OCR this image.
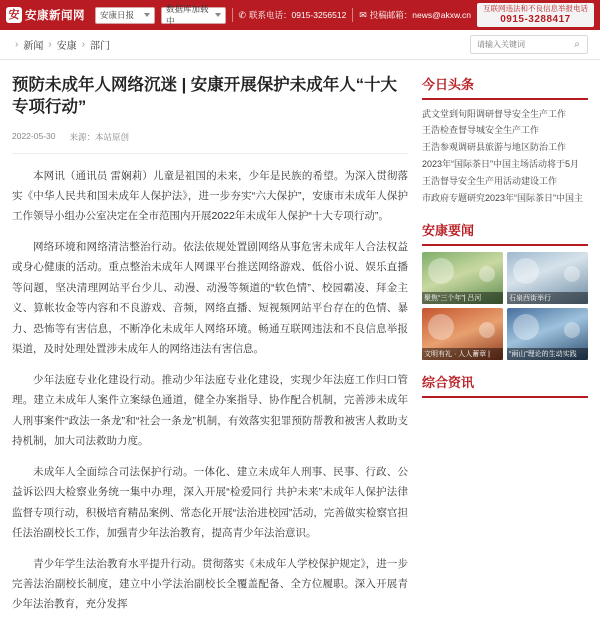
安 安康新闻网 安康日报
数据库加载中
✆ 联系电话：0915-3256512 ✉ 投稿邮箱：news@akxw.cn
互联网违法和不良信息举报电话
0915-3288417
› 新闻 › 安康 › 部门
请输入关键词	⌕
预防未成年人网络沉迷 | 安康开展保护未成年人“十大专项行动”
2022-05-30 来源：本站原创

本网讯（通讯员 雷娴莉）儿童是祖国的未来，少年是民族的希望。为深入贯彻落实《中华人民共和国未成年人保护法》，进一步夯实“六大保护”，安康市未成年人保护工作领导小组办公室决定在全市范围内开展2022年未成年人保护“十大专项行动”。

网络环境和网络清洁整治行动。依法依规处置剧网络从事危害未成年人合法权益或身心健康的活动。重点整治未成年人网课平台推送网络游戏、低俗小说、娱乐直播等问题，坚决清理网站平台少儿、动漫、动漫等频道的“软色情”、校园霸凌、拜金主义、算帐妆金等内容和不良游戏、音频，网络直播、短视频网站平台存在的色情、暴力、恐怖等有害信息，不断净化未成年人网络环境。畅通互联网违法和不良信息举报渠道，及时处理处置涉未成年人的网络违法有害信息。

少年法庭专业化建设行动。推动少年法庭专业化建设，实现少年法庭工作归口管理。建立未成年人案件立案绿色通道，健全办案指导、协作配合机制，完善涉未成年人刑事案件“政法一条龙”和“社会一条龙”机制，有效落实犯罪预防帮教和被害人救助支持机制，加大司法救助力度。

未成年人全面综合司法保护行动。一体化、建立未成年人刑事、民事、行政、公益诉讼四大检察业务统一集中办理，深入开展“检爱同行 共护未来”未成年人保护法律监督专项行动，积极培育精品案例、常态化开展“法治进校园”活动，完善做实检察官担任法治副校长工作，加强青少年法治教育，提高青少年法治意识。

青少年学生法治教育水平提升行动。贯彻落实《未成年人学校保护规定》，进一步完善法治副校长制度，建立中小学法治副校长全覆盖配备、全方位履职。深入开展青少年法治教育，充分发挥

今日头条
武文堂到旬阳调研督导安全生产工作
王浩检查督导城安全生产工作
王浩参观调研县旅游与地区防治工作
2023年“国际茶日”中国主场活动将于5月
王浩督导安全生产用活动建设工作
市政府专题研究2023年“国际茶日”中国主
安康要闻
聚焦“三个年”| 吕河	石泉西街举行
文明有礼 · 人人蓄章 |	“兩山”理论的生动实践
综合资讯
